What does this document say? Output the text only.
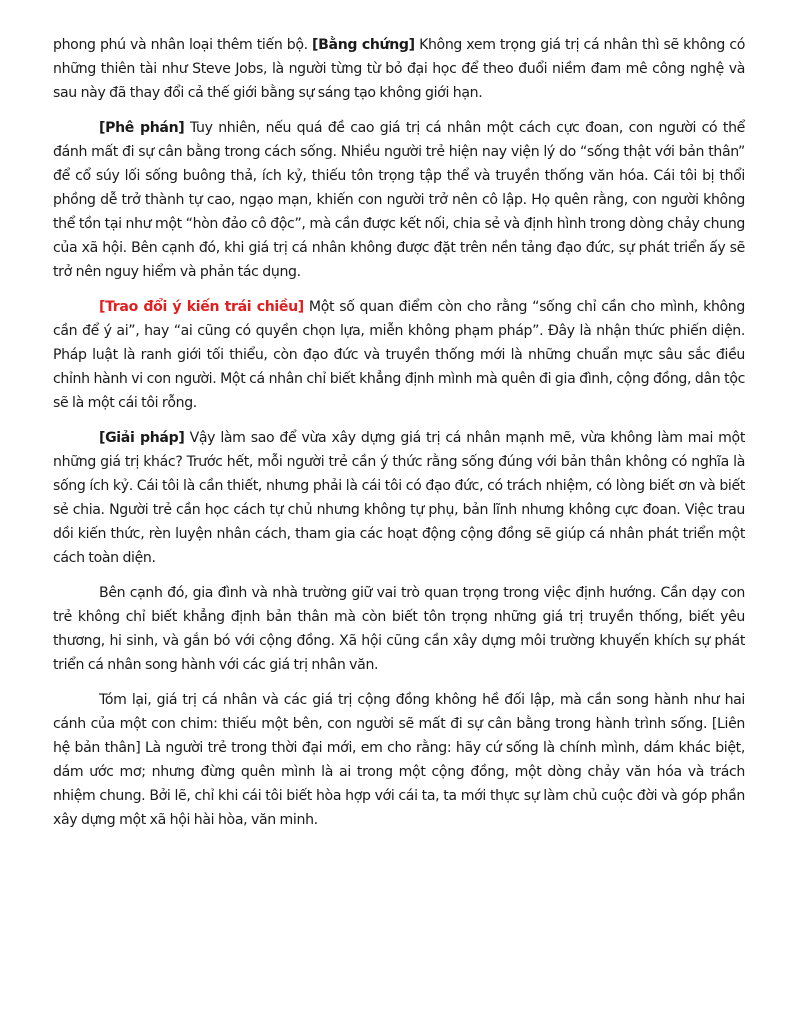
phong phú và nhân loại thêm tiến bộ. [Bằng chứng] Không xem trọng giá trị cá nhân thì sẽ không có những thiên tài như Steve Jobs, là người từng từ bỏ đại học để theo đuổi niềm đam mê công nghệ và sau này đã thay đổi cả thế giới bằng sự sáng tạo không giới hạn.

[Phê phán] Tuy nhiên, nếu quá đề cao giá trị cá nhân một cách cực đoan, con người có thể đánh mất đi sự cân bằng trong cách sống. Nhiều người trẻ hiện nay viện lý do “sống thật với bản thân” để cổ súy lối sống buông thả, ích kỷ, thiếu tôn trọng tập thể và truyền thống văn hóa. Cái tôi bị thổi phồng dễ trở thành tự cao, ngạo mạn, khiến con người trở nên cô lập. Họ quên rằng, con người không thể tồn tại như một “hòn đảo cô độc”, mà cần được kết nối, chia sẻ và định hình trong dòng chảy chung của xã hội. Bên cạnh đó, khi giá trị cá nhân không được đặt trên nền tảng đạo đức, sự phát triển ấy sẽ trở nên nguy hiểm và phản tác dụng.

[Trao đổi ý kiến trái chiều] Một số quan điểm còn cho rằng “sống chỉ cần cho mình, không cần để ý ai”, hay “ai cũng có quyền chọn lựa, miễn không phạm pháp”. Đây là nhận thức phiến diện. Pháp luật là ranh giới tối thiểu, còn đạo đức và truyền thống mới là những chuẩn mực sâu sắc điều chỉnh hành vi con người. Một cá nhân chỉ biết khẳng định mình mà quên đi gia đình, cộng đồng, dân tộc sẽ là một cái tôi rỗng.

[Giải pháp] Vậy làm sao để vừa xây dựng giá trị cá nhân mạnh mẽ, vừa không làm mai một những giá trị khác? Trước hết, mỗi người trẻ cần ý thức rằng sống đúng với bản thân không có nghĩa là sống ích kỷ. Cái tôi là cần thiết, nhưng phải là cái tôi có đạo đức, có trách nhiệm, có lòng biết ơn và biết sẻ chia. Người trẻ cần học cách tự chủ nhưng không tự phụ, bản lĩnh nhưng không cực đoan. Việc trau dồi kiến thức, rèn luyện nhân cách, tham gia các hoạt động cộng đồng sẽ giúp cá nhân phát triển một cách toàn diện.

Bên cạnh đó, gia đình và nhà trường giữ vai trò quan trọng trong việc định hướng. Cần dạy con trẻ không chỉ biết khẳng định bản thân mà còn biết tôn trọng những giá trị truyền thống, biết yêu thương, hi sinh, và gắn bó với cộng đồng. Xã hội cũng cần xây dựng môi trường khuyến khích sự phát triển cá nhân song hành với các giá trị nhân văn.

Tóm lại, giá trị cá nhân và các giá trị cộng đồng không hề đối lập, mà cần song hành như hai cánh của một con chim: thiếu một bên, con người sẽ mất đi sự cân bằng trong hành trình sống. [Liên hệ bản thân] Là người trẻ trong thời đại mới, em cho rằng: hãy cứ sống là chính mình, dám khác biệt, dám ước mơ; nhưng đừng quên mình là ai trong một cộng đồng, một dòng chảy văn hóa và trách nhiệm chung. Bởi lẽ, chỉ khi cái tôi biết hòa hợp với cái ta, ta mới thực sự làm chủ cuộc đời và góp phần xây dựng một xã hội hài hòa, văn minh.
